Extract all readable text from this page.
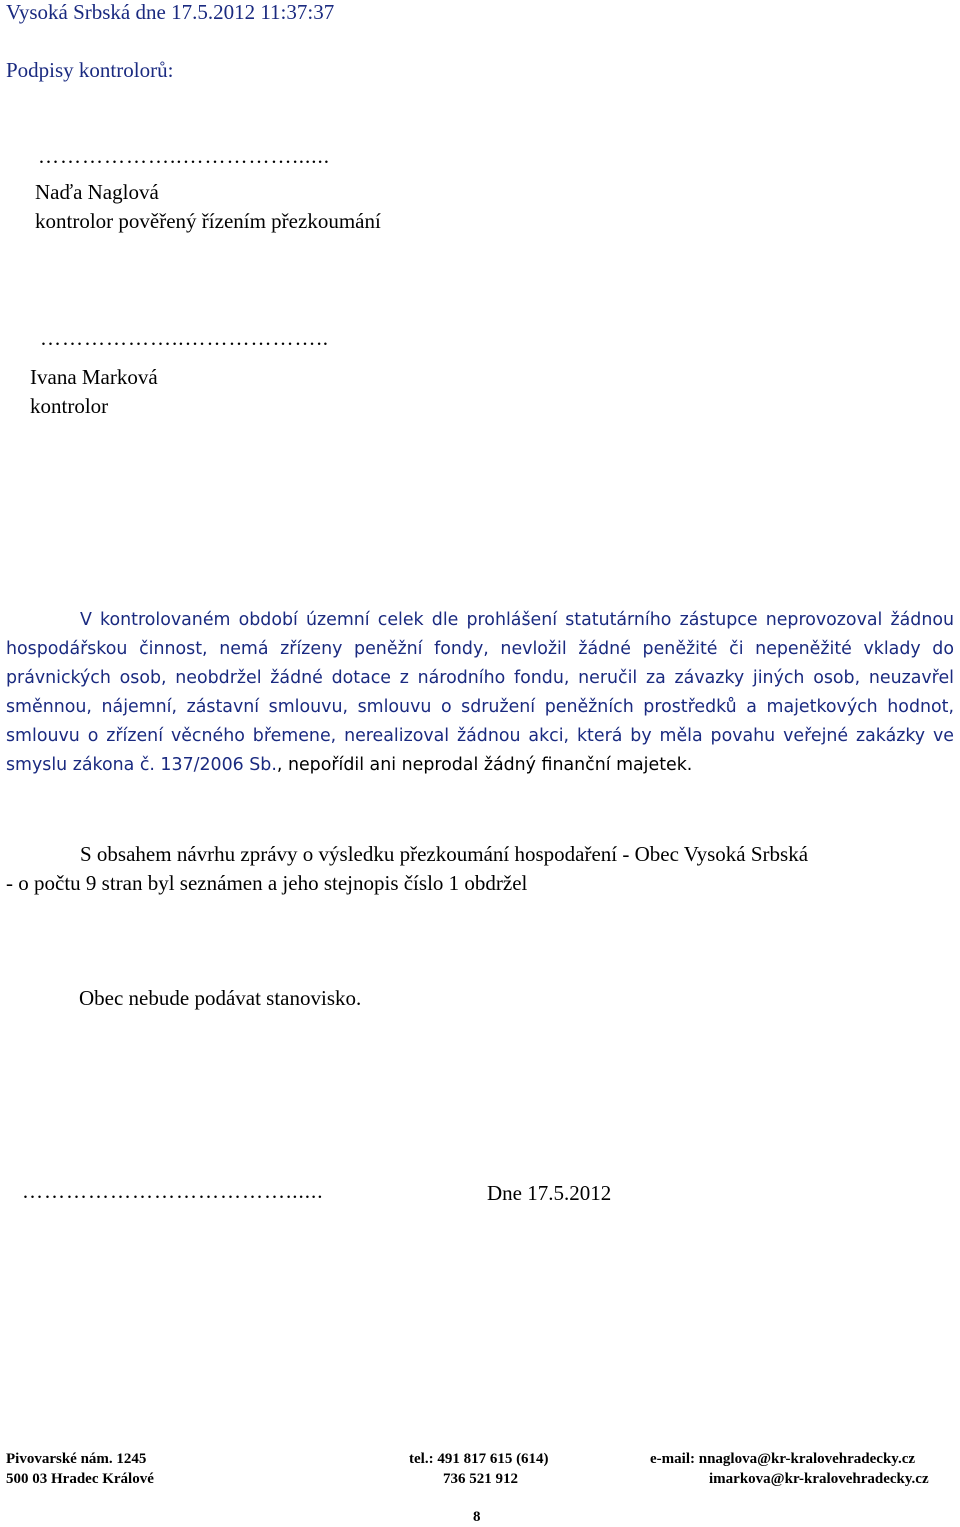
Vysoká Srbská dne 17.5.2012 11:37:37
Podpisy kontrolorů:
………………..……………......
Naďa Naglová
kontrolor pověřený řízením přezkoumání
………………..………………..
Ivana Marková
kontrolor
V kontrolovaném období územní celek dle prohlášení statutárního zástupce neprovozoval žádnou hospodářskou činnost, nemá zřízeny peněžní fondy, nevložil žádné peněžité či nepeněžité vklady do právnických osob, neobdržel žádné dotace z národního fondu, neručil za závazky jiných osob, neuzavřel směnnou, nájemní, zástavní smlouvu, smlouvu o sdružení peněžních prostředků a majetkových hodnot, smlouvu o zřízení věcného břemene, nerealizoval žádnou akci, která by měla povahu veřejné zakázky ve smyslu zákona č. 137/2006 Sb., nepořídil ani neprodal žádný finanční majetek.
S obsahem návrhu zprávy o výsledku přezkoumání hospodaření - Obec Vysoká Srbská
- o počtu 9 stran byl seznámen a jeho stejnopis číslo 1 obdržel
Obec nebude podávat stanovisko.
………………………………......	Dne 17.5.2012
Pivovarské nám. 1245
500 03 Hradec Králové
tel.: 491 817 615 (614)
736 521 912
e-mail: nnaglova@kr-kralovehradecky.cz
imarkova@kr-kralovehradecky.cz
8
